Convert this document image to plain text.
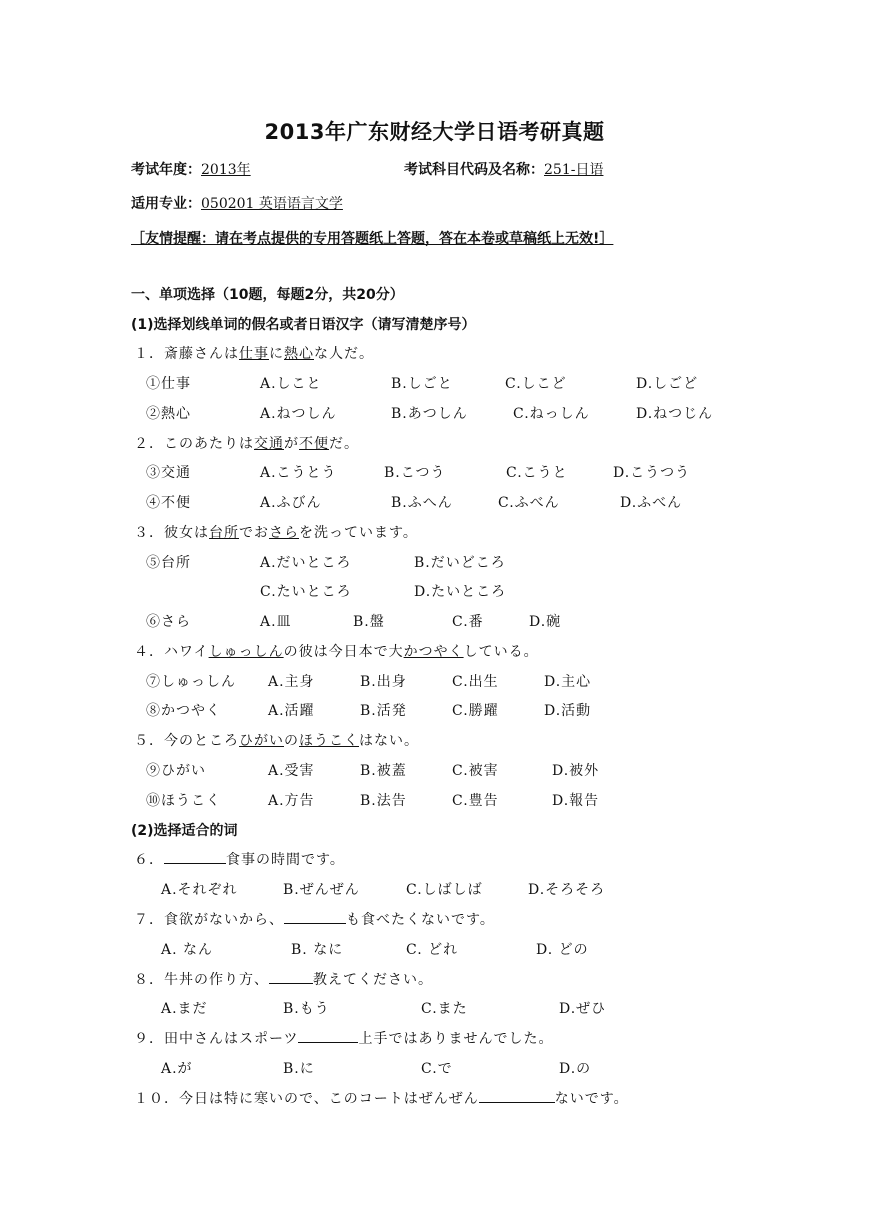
2013年广东财经大学日语考研真题
考试年度：2013年	考试科目代码及名称：251-日语
适用专业：050201 英语语言文学
［友情提醒：请在考点提供的专用答题纸上答题，答在本卷或草稿纸上无效!］
一、单项选择（10题，每题2分，共20分）
(1)选择划线单词的假名或者日语汉字（请写清楚序号）
１．斎藤さんは仕事に熱心な人だ。
①仕事	A.しこと	B.しごと	C.しこど	D.しごど
②熱心	A.ねつしん	B.あつしん	C.ねっしん	D.ねつじん
２．このあたりは交通が不便だ。
③交通	A.こうとう	B.こつう	C.こうと	D.こうつう
④不便	A.ふびん	B.ふへん	C.ふべん	D.ふべん
３．彼女は台所でおさらを洗っています。
⑤台所	A.だいところ	B.だいどころ
C.たいところ	D.たいところ
⑥さら	A.皿	B.盤	C.番	D.碗
４．ハワイしゅっしんの彼は今日本で大かつやくしている。
⑦しゅっしん A.主身	B.出身	C.出生	D.主心
⑧かつやく	A.活躍	B.活発	C.勝躍	D.活動
５．今のところひがいのほうこくはない。
⑨ひがい	A.受害	B.被蓋	C.被害	D.被外
⑩ほうこく	A.方告	B.法告	C.豊告	D.報告
(2)选择适合的词
６．	食事の時間です。
A.それぞれ	B.ぜんぜん	C.しばしば	D.そろそろ
７．食欲がないから、	も食べたくないです。
A. なん	B. なに	C. どれ	D. どの
８．牛丼の作り方、	教えてください。
A.まだ	B.もう	C.また	D.ぜひ
９．田中さんはスポーツ	上手ではありませんでした。
A.が	B.に	C.で	D.の
１０．今日は特に寒いので、このコートはぜんぜん	ないです。
